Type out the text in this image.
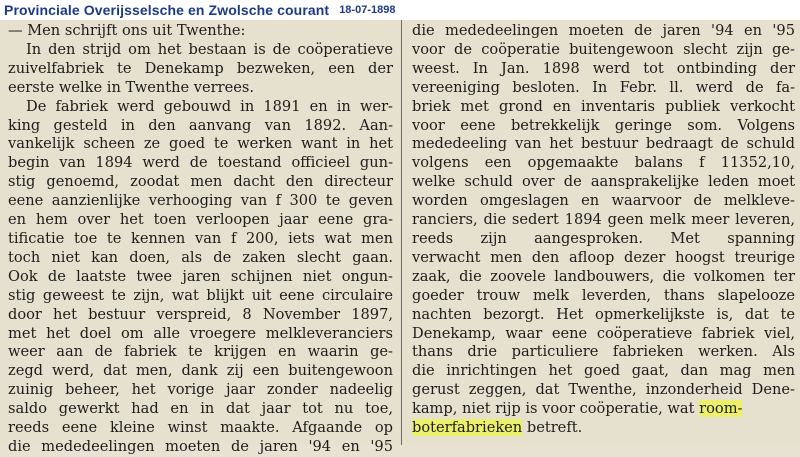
Provinciale Overijsselsche en Zwolsche courant 18-07-1898
— Men schrijft ons uit Twenthe:
In den strijd om het bestaan is de coöperatieve
zuivelfabriek te Denekamp bezweken, een der
eerste welke in Twenthe verrees.
De fabriek werd gebouwd in 1891 en in wer-
king gesteld in den aanvang van 1892. Aan-
vankelijk scheen ze goed te werken want in het
begin van 1894 werd de toestand officieel gun-
stig genoemd, zoodat men dacht den directeur
eene aanzienlijke verhooging van f 300 te geven
en hem over het toen verloopen jaar eene gra-
tificatie toe te kennen van f 200, iets wat men
toch niet kan doen, als de zaken slecht gaan.
Ook de laatste twee jaren schijnen niet ongun-
stig geweest te zijn, wat blijkt uit eene circulaire
door het bestuur verspreid, 8 November 1897,
met het doel om alle vroegere melkleveranciers
weer aan de fabriek te krijgen en waarin ge-
zegd werd, dat men, dank zij een buitengewoon
zuinig beheer, het vorige jaar zonder nadeelig
saldo gewerkt had en in dat jaar tot nu toe,
reeds eene kleine winst maakte. Afgaande op
die mededeelingen moeten de jaren '94 en '95
die mededeelingen moeten de jaren '94 en '95
voor de coöperatie buitengewoon slecht zijn ge-
weest. In Jan. 1898 werd tot ontbinding der
vereeniging besloten. In Febr. ll. werd de fa-
briek met grond en inventaris publiek verkocht
voor eene betrekkelijk geringe som. Volgens
mededeeling van het bestuur bedraagt de schuld
volgens een opgemaakte balans f 11352,10,
welke schuld over de aansprakelijke leden moet
worden omgeslagen en waarvoor de melkleve-
ranciers, die sedert 1894 geen melk meer leveren,
reeds zijn aangesproken. Met spanning
verwacht men den afloop dezer hoogst treurige
zaak, die zoovele landbouwers, die volkomen ter
goeder trouw melk leverden, thans slapelooze
nachten bezorgt. Het opmerkelijkste is, dat te
Denekamp, waar eene coöperatieve fabriek viel,
thans drie particuliere fabrieken werken. Als
die inrichtingen het goed gaat, dan mag men
gerust zeggen, dat Twenthe, inzonderheid Dene-
kamp, niet rijp is voor coöperatie, wat room-
boterfabrieken betreft.
